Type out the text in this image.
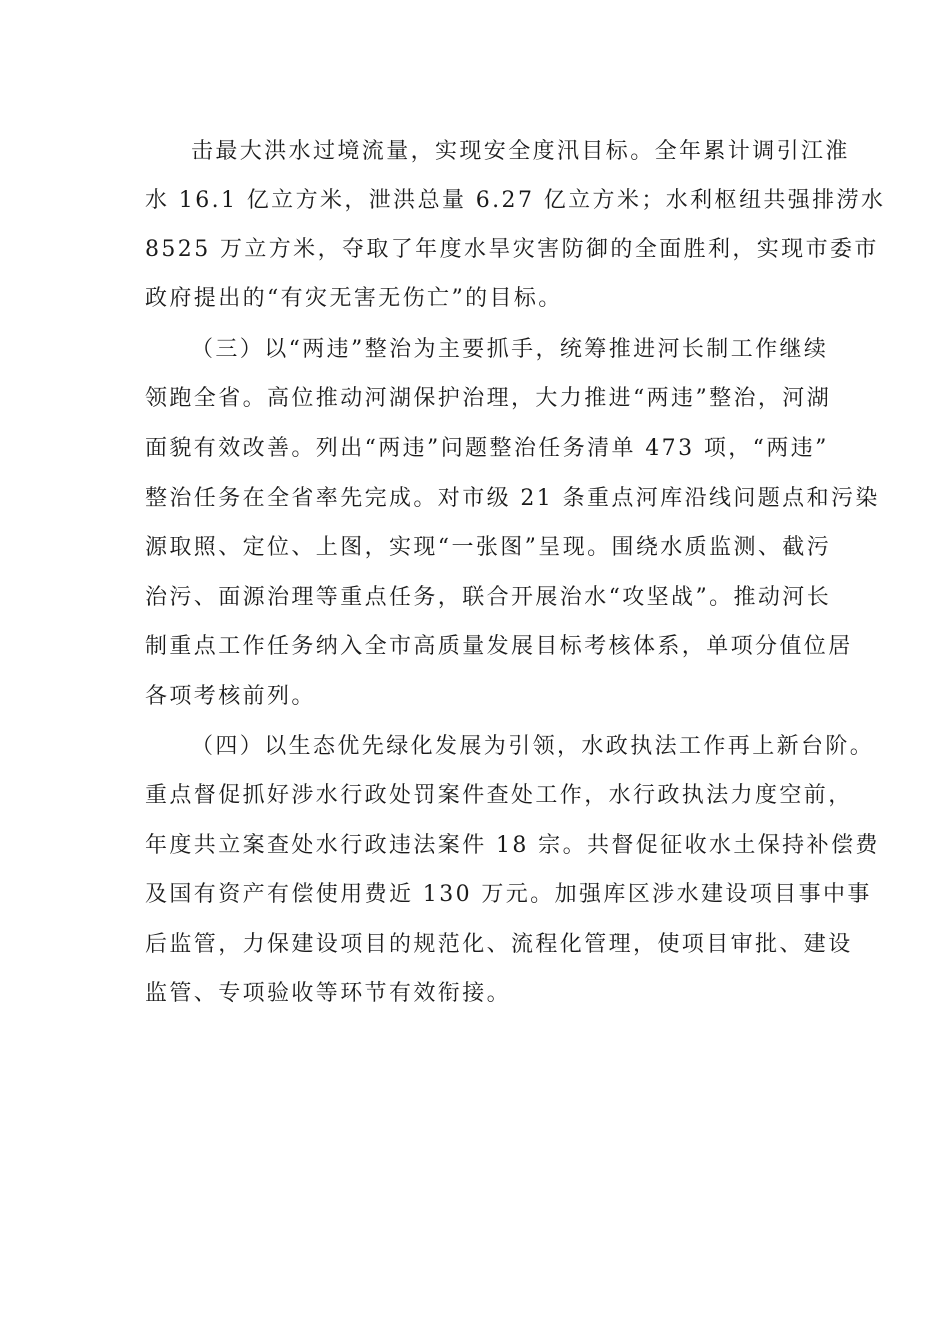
击最大洪水过境流量，实现安全度汛目标。全年累计调引江淮
水 16.1 亿立方米，泄洪总量 6.27 亿立方米；水利枢纽共强排涝水
8525 万立方米，夺取了年度水旱灾害防御的全面胜利，实现市委市
政府提出的“有灾无害无伤亡”的目标。
（三）以“两违”整治为主要抓手，统筹推进河长制工作继续
领跑全省。高位推动河湖保护治理，大力推进“两违”整治，河湖
面貌有效改善。列出“两违”问题整治任务清单 473 项，“两违”
整治任务在全省率先完成。对市级 21 条重点河库沿线问题点和污染
源取照、定位、上图，实现“一张图”呈现。围绕水质监测、截污
治污、面源治理等重点任务，联合开展治水“攻坚战”。推动河长
制重点工作任务纳入全市高质量发展目标考核体系，单项分值位居
各项考核前列。
（四）以生态优先绿化发展为引领，水政执法工作再上新台阶。
重点督促抓好涉水行政处罚案件查处工作，水行政执法力度空前，
年度共立案查处水行政违法案件 18 宗。共督促征收水土保持补偿费
及国有资产有偿使用费近 130 万元。加强库区涉水建设项目事中事
后监管，力保建设项目的规范化、流程化管理，使项目审批、建设
监管、专项验收等环节有效衔接。
